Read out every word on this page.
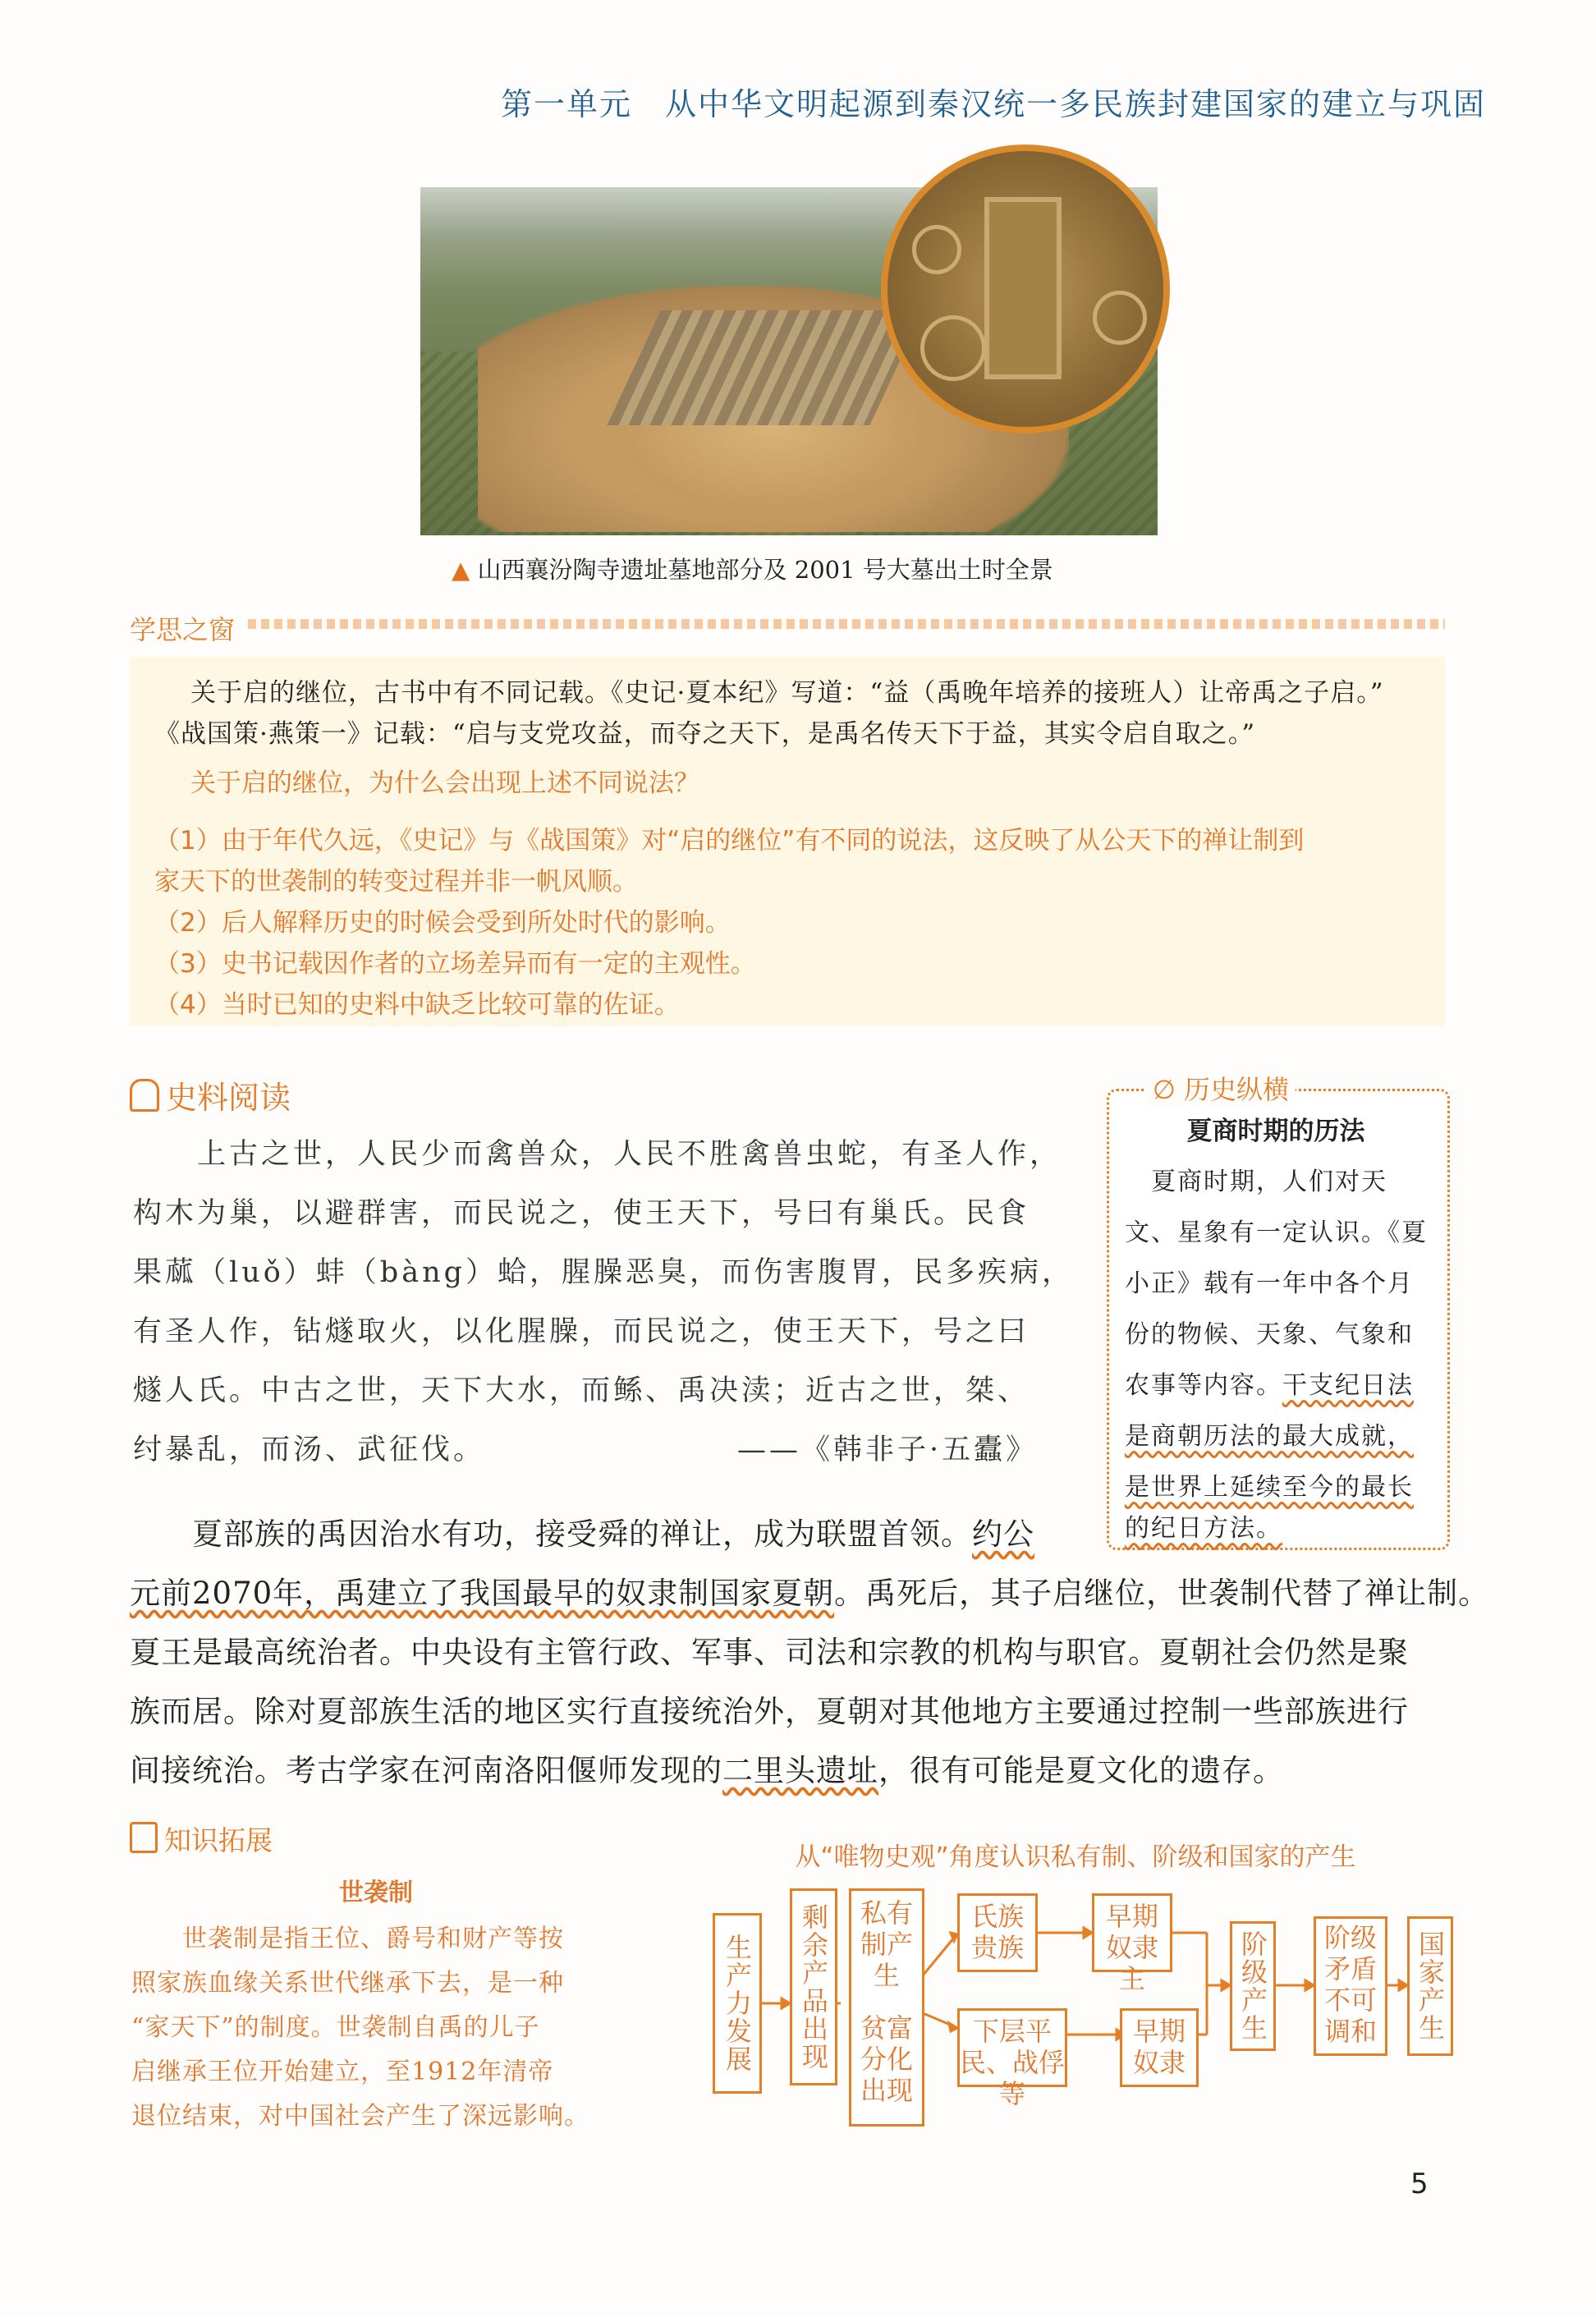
第一单元　从中华文明起源到秦汉统一多民族封建国家的建立与巩固
▲ 山西襄汾陶寺遗址墓地部分及 2001 号大墓出土时全景
学思之窗
关于启的继位，古书中有不同记载。《史记·夏本纪》写道：“益（禹晚年培养的接班人）让帝禹之子启。”
《战国策·燕策一》记载：“启与支党攻益，而夺之天下，是禹名传天下于益，其实令启自取之。”
关于启的继位，为什么会出现上述不同说法？
（1）由于年代久远，《史记》与《战国策》对“启的继位”有不同的说法，这反映了从公天下的禅让制到
家天下的世袭制的转变过程并非一帆风顺。
（2）后人解释历史的时候会受到所处时代的影响。
（3）史书记载因作者的立场差异而有一定的主观性。
（4）当时已知的史料中缺乏比较可靠的佐证。
史料阅读
　　上古之世，人民少而禽兽众，人民不胜禽兽虫蛇，有圣人作，
构木为巢，以避群害，而民说之，使王天下，号曰有巢氏。民食
果蓏（luǒ）蚌（bàng）蛤，腥臊恶臭，而伤害腹胃，民多疾病，
有圣人作，钻燧取火，以化腥臊，而民说之，使王天下，号之曰
燧人氏。中古之世，天下大水，而鲧、禹决渎；近古之世，桀、
纣暴乱，而汤、武征伐。	——《韩非子·五蠹》
∅ 历史纵横
夏商时期的历法
　夏商时期，人们对天
文、星象有一定认识。《夏
小正》载有一年中各个月
份的物候、天象、气象和
农事等内容。干支纪日法
是商朝历法的最大成就，
是世界上延续至今的最长
的纪日方法。
　　夏部族的禹因治水有功，接受舜的禅让，成为联盟首领。约公
元前2070年，禹建立了我国最早的奴隶制国家夏朝。禹死后，其子启继位，世袭制代替了禅让制。
夏王是最高统治者。中央设有主管行政、军事、司法和宗教的机构与职官。夏朝社会仍然是聚
族而居。除对夏部族生活的地区实行直接统治外，夏朝对其他地方主要通过控制一些部族进行
间接统治。考古学家在河南洛阳偃师发现的二里头遗址，很有可能是夏文化的遗存。
知识拓展
世袭制
　　世袭制是指王位、爵号和财产等按
照家族血缘关系世代继承下去，是一种
“家天下”的制度。世袭制自禹的儿子
启继承王位开始建立，至1912年清帝
退位结束，对中国社会产生了深远影响。
从“唯物史观”角度认识私有制、阶级和国家的产生
生产力发展	剩余产品出现	私有制产生
贫富分化出现
氏族贵族
下层平民、战俘等
早期奴隶主
早期奴隶
阶级产生	阶级矛盾不可调和	国家产生
5
